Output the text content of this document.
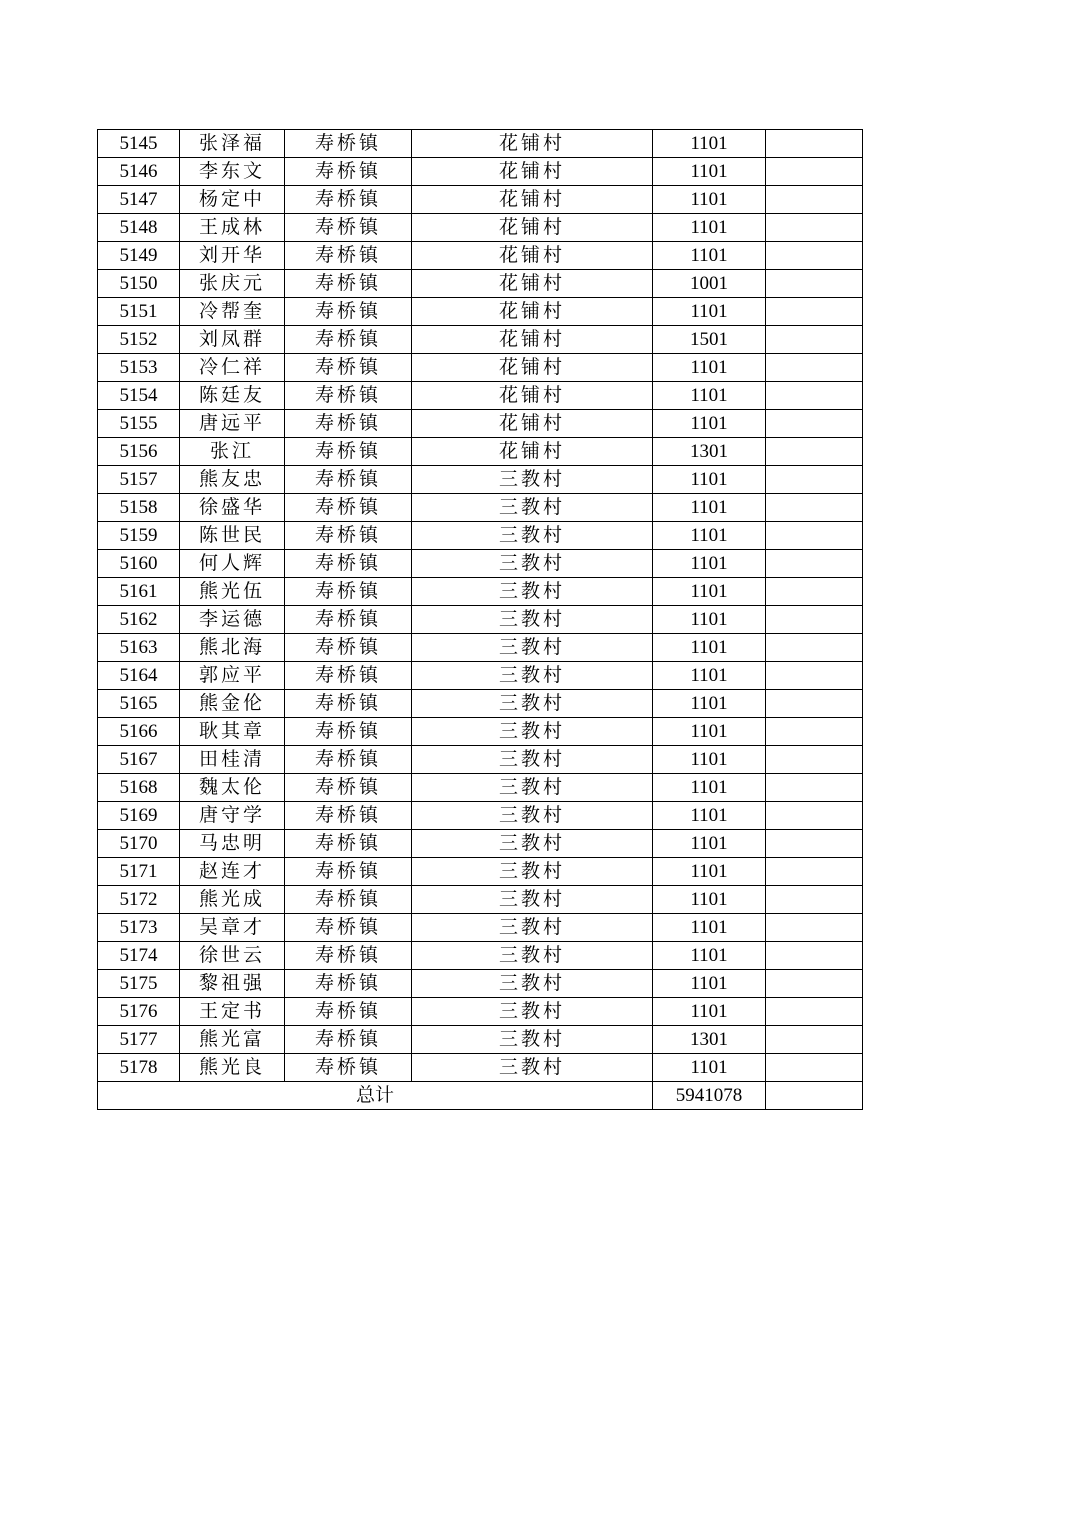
5145	张泽福	寿桥镇	花铺村	1101	
5146	李东文	寿桥镇	花铺村	1101	
5147	杨定中	寿桥镇	花铺村	1101	
5148	王成林	寿桥镇	花铺村	1101	
5149	刘开华	寿桥镇	花铺村	1101	
5150	张庆元	寿桥镇	花铺村	1001	
5151	冷帮奎	寿桥镇	花铺村	1101	
5152	刘凤群	寿桥镇	花铺村	1501	
5153	冷仁祥	寿桥镇	花铺村	1101	
5154	陈廷友	寿桥镇	花铺村	1101	
5155	唐远平	寿桥镇	花铺村	1101	
5156	张江	寿桥镇	花铺村	1301	
5157	熊友忠	寿桥镇	三教村	1101	
5158	徐盛华	寿桥镇	三教村	1101	
5159	陈世民	寿桥镇	三教村	1101	
5160	何人辉	寿桥镇	三教村	1101	
5161	熊光伍	寿桥镇	三教村	1101	
5162	李运德	寿桥镇	三教村	1101	
5163	熊北海	寿桥镇	三教村	1101	
5164	郭应平	寿桥镇	三教村	1101	
5165	熊金伦	寿桥镇	三教村	1101	
5166	耿其章	寿桥镇	三教村	1101	
5167	田桂清	寿桥镇	三教村	1101	
5168	魏太伦	寿桥镇	三教村	1101	
5169	唐守学	寿桥镇	三教村	1101	
5170	马忠明	寿桥镇	三教村	1101	
5171	赵连才	寿桥镇	三教村	1101	
5172	熊光成	寿桥镇	三教村	1101	
5173	吴章才	寿桥镇	三教村	1101	
5174	徐世云	寿桥镇	三教村	1101	
5175	黎祖强	寿桥镇	三教村	1101	
5176	王定书	寿桥镇	三教村	1101	
5177	熊光富	寿桥镇	三教村	1301	
5178	熊光良	寿桥镇	三教村	1101	
总计				5941078	
